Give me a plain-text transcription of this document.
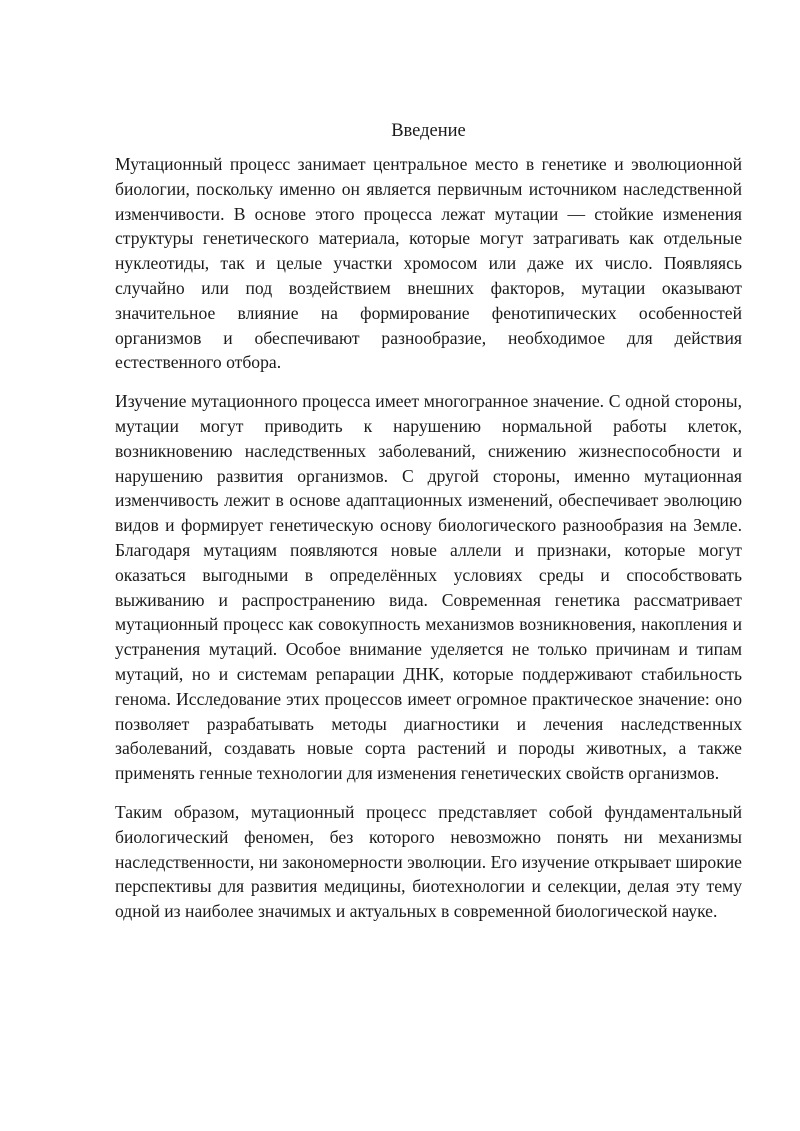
Введение

Мутационный процесс занимает центральное место в генетике и эволюционной биологии, поскольку именно он является первичным источником наследственной изменчивости. В основе этого процесса лежат мутации — стойкие изменения структуры генетического материала, которые могут затрагивать как отдельные нуклеотиды, так и целые участки хромосом или даже их число. Появляясь случайно или под воздействием внешних факторов, мутации оказывают значительное влияние на формирование фенотипических особенностей организмов и обеспечивают разнообразие, необходимое для действия естественного отбора.

Изучение мутационного процесса имеет многогранное значение. С одной стороны, мутации могут приводить к нарушению нормальной работы клеток, возникновению наследственных заболеваний, снижению жизнеспособности и нарушению развития организмов. С другой стороны, именно мутационная изменчивость лежит в основе адаптационных изменений, обеспечивает эволюцию видов и формирует генетическую основу биологического разнообразия на Земле. Благодаря мутациям появляются новые аллели и признаки, которые могут оказаться выгодными в определённых условиях среды и способствовать выживанию и распространению вида. Современная генетика рассматривает мутационный процесс как совокупность механизмов возникновения, накопления и устранения мутаций. Особое внимание уделяется не только причинам и типам мутаций, но и системам репарации ДНК, которые поддерживают стабильность генома. Исследование этих процессов имеет огромное практическое значение: оно позволяет разрабатывать методы диагностики и лечения наследственных заболеваний, создавать новые сорта растений и породы животных, а также применять генные технологии для изменения генетических свойств организмов.

Таким образом, мутационный процесс представляет собой фундаментальный биологический феномен, без которого невозможно понять ни механизмы наследственности, ни закономерности эволюции. Его изучение открывает широкие перспективы для развития медицины, биотехнологии и селекции, делая эту тему одной из наиболее значимых и актуальных в современной биологической науке.
